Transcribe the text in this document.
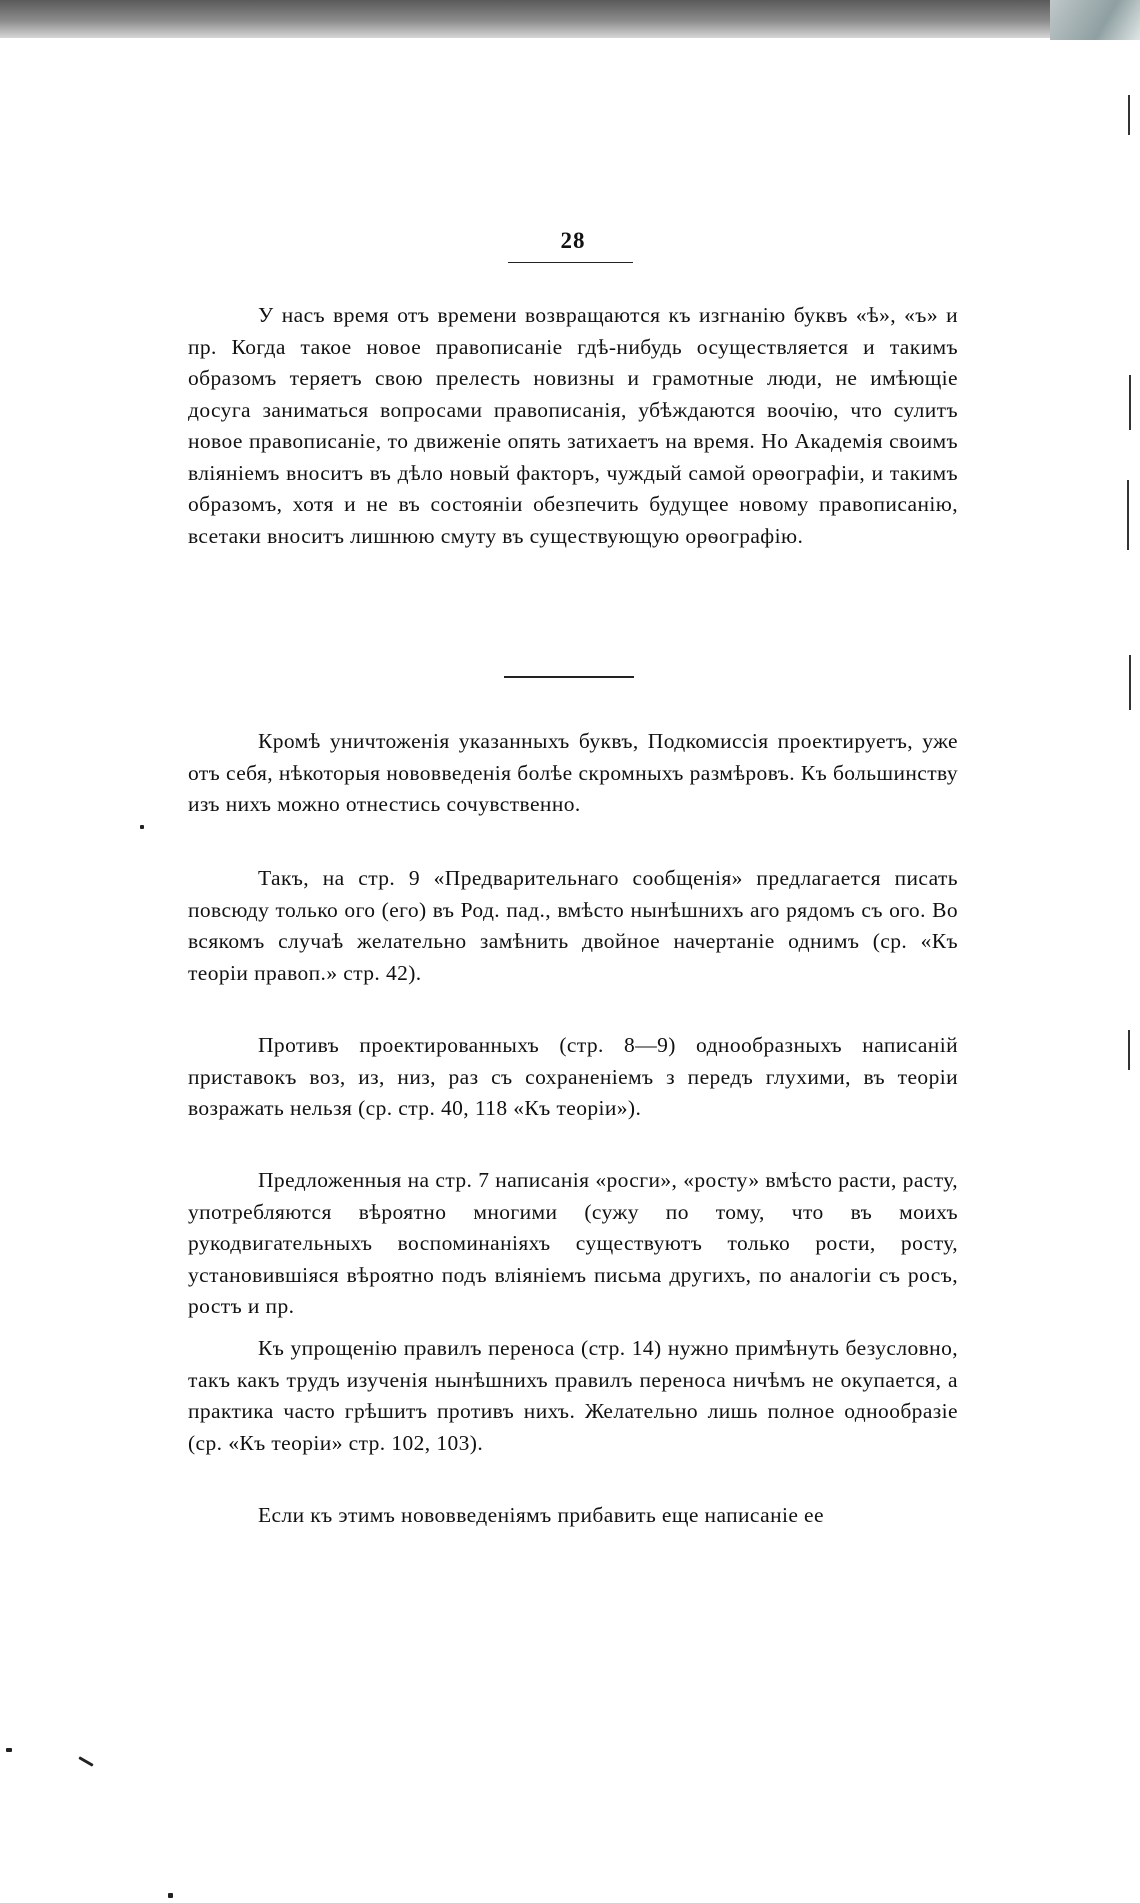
28

У насъ время отъ времени возвращаются къ изгнанію буквъ «ѣ», «ъ» и пр. Когда такое новое правописаніе гдѣ-нибудь осуществляется и такимъ образомъ теряетъ свою прелесть новизны и грамотные люди, не имѣющіе досуга заниматься вопросами правописанія, убѣждаются воочію, что сулитъ новое правописаніе, то движеніе опять затихаетъ на время. Но Академія своимъ вліяніемъ вноситъ въ дѣло новый факторъ, чуждый самой орѳографіи, и такимъ образомъ, хотя и не въ состояніи обезпечить будущее новому правописанію, всетаки вноситъ лишнюю смуту въ существующую орѳографію.

Кромѣ уничтоженія указанныхъ буквъ, Подкомиссія проектируетъ, уже отъ себя, нѣкоторыя нововведенія болѣе скромныхъ размѣровъ. Къ большинству изъ нихъ можно отнестись сочувственно.

Такъ, на стр. 9 «Предварительнаго сообщенія» предлагается писать повсюду только ого (его) въ Род. пад., вмѣсто нынѣшнихъ аго рядомъ съ ого. Во всякомъ случаѣ желательно замѣнить двойное начертаніе однимъ (ср. «Къ теоріи правоп.» стр. 42).

Противъ проектированныхъ (стр. 8—9) однообразныхъ написаній приставокъ воз, из, низ, раз съ сохраненіемъ з передъ глухими, въ теоріи возражать нельзя (ср. стр. 40, 118 «Къ теоріи»).

Предложенныя на стр. 7 написанія «росги», «росту» вмѣсто расти, расту, употребляются вѣроятно многими (сужу по тому, что въ моихъ рукодвигательныхъ воспоминаніяхъ существуютъ только рости, росту, установившіяся вѣроятно подъ вліяніемъ письма другихъ, по аналогіи съ росъ, ростъ и пр.

Къ упрощенію правилъ переноса (стр. 14) нужно примѣнуть безусловно, такъ какъ трудъ изученія нынѣшнихъ правилъ переноса ничѣмъ не окупается, а практика часто грѣшитъ противъ нихъ. Желательно лишь полное однообразіе (ср. «Къ теоріи» стр. 102, 103).

Если къ этимъ нововведеніямъ прибавить еще написаніе ее
